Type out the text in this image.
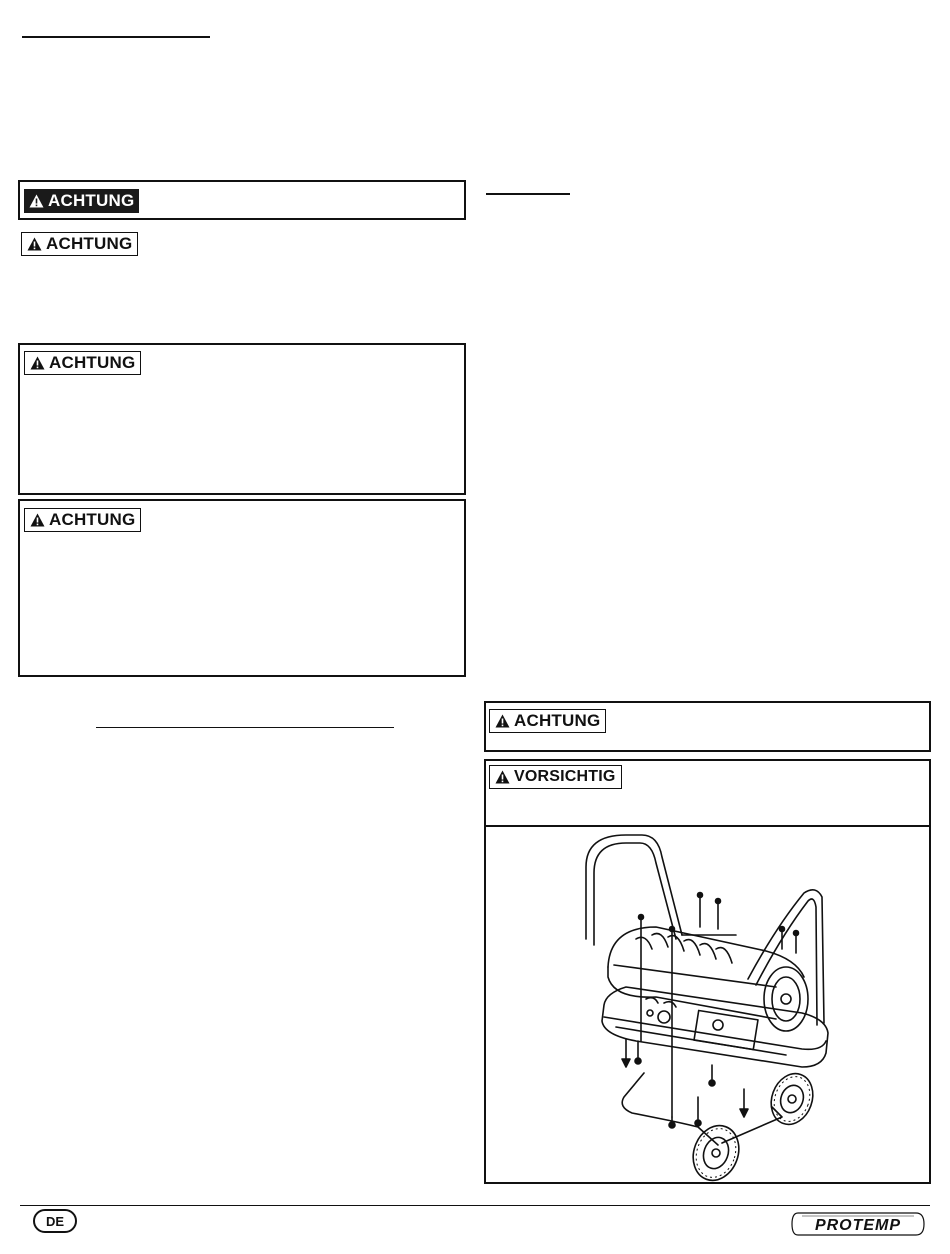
ACHTUNG
ACHTUNG
ACHTUNG
ACHTUNG
ACHTUNG
VORSICHTIG
DE	PROTEMP
